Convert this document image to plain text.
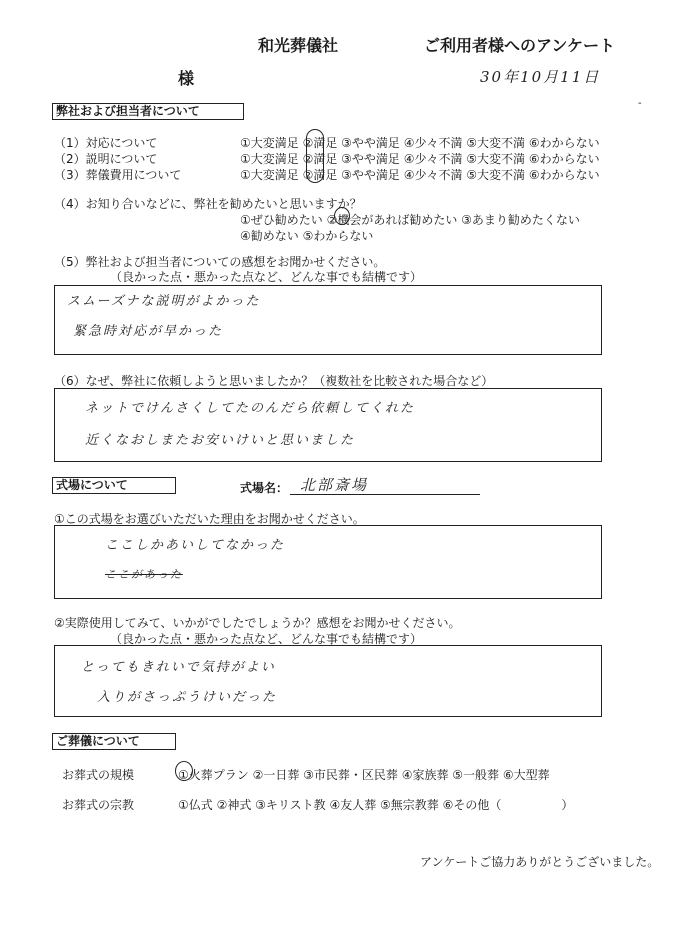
和光葬儀社	ご利用者様へのアンケート
様	30年10月11日
-
弊社および担当者について
（1）対応について	①大変満足 ②満足 ③やや満足 ④少々不満 ⑤大変不満 ⑥わからない
（2）説明について	①大変満足 ②満足 ③やや満足 ④少々不満 ⑤大変不満 ⑥わからない
（3）葬儀費用について	①大変満足 ②満足 ③やや満足 ④少々不満 ⑤大変不満 ⑥わからない
（4）お知り合いなどに、弊社を勧めたいと思いますか？
①ぜひ勧めたい ②機会があれば勧めたい ③あまり勧めたくない
④勧めない ⑤わからない
（5）弊社および担当者についての感想をお聞かせください。
（良かった点・悪かった点など、どんな事でも結構です）
スムーズナな説明がよかった
緊急時対応が早かった
（6）なぜ、弊社に依頼しようと思いましたか？（複数社を比較された場合など）
ネットでけんさくしてたのんだら依頼してくれた
近くなおしまたお安いけいと思いました
式場について	式場名： 北部斎場
①この式場をお選びいただいた理由をお聞かせください。
ここしかあいしてなかった
ここがあった
②実際使用してみて、いかがでしたでしょうか？感想をお聞かせください。
（良かった点・悪かった点など、どんな事でも結構です）
とってもきれいで気持がよい
入りがさっぷうけいだった
ご葬儀について
お葬式の規模	①火葬プラン ②一日葬 ③市民葬・区民葬 ④家族葬 ⑤一般葬 ⑥大型葬
お葬式の宗教	①仏式 ②神式 ③キリスト教 ④友人葬 ⑤無宗教葬 ⑥その他（　　　　　）
アンケートご協力ありがとうございました。
